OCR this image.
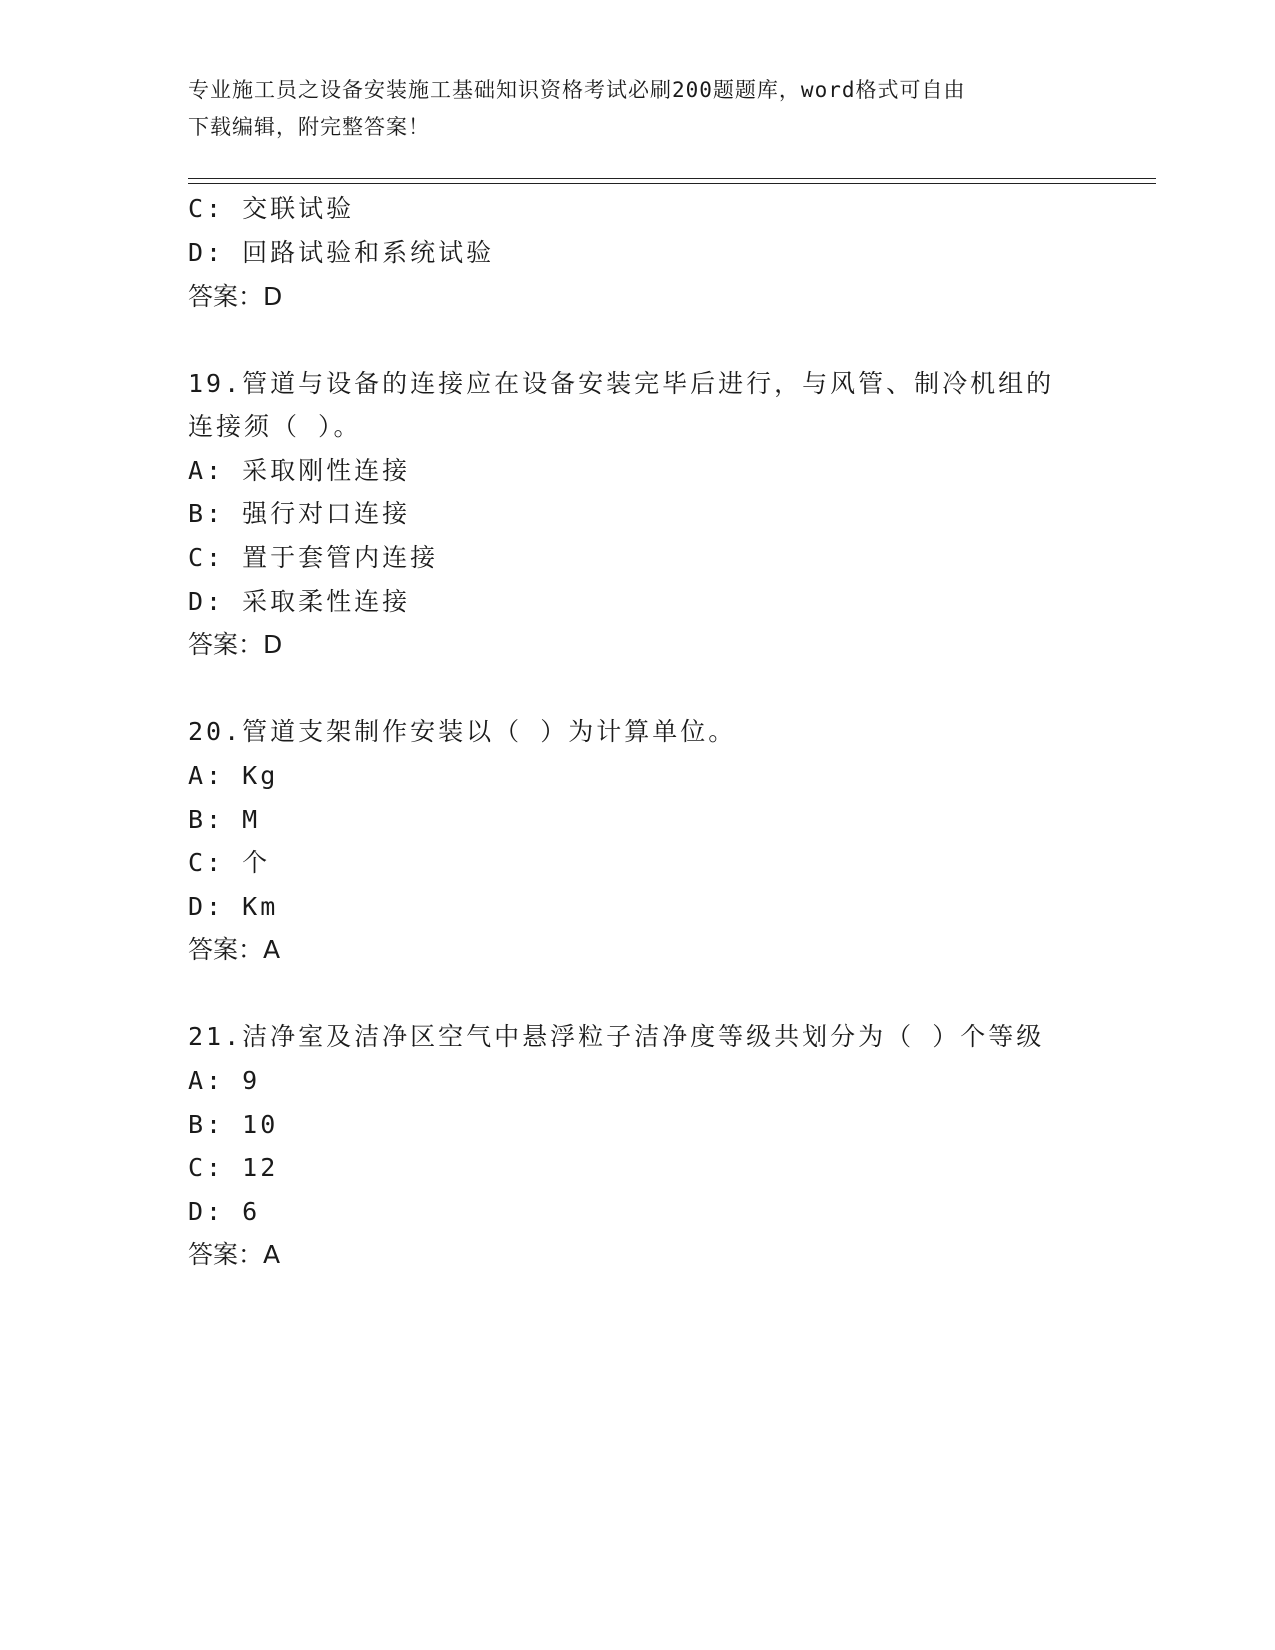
专业施工员之设备安装施工基础知识资格考试必刷200题题库，word格式可自由
下载编辑，附完整答案！
C: 交联试验
D: 回路试验和系统试验
答案：D
19.管道与设备的连接应在设备安装完毕后进行，与风管、制冷机组的
连接须（ ）。
A: 采取刚性连接
B: 强行对口连接
C: 置于套管内连接
D: 采取柔性连接
答案：D
20.管道支架制作安装以（ ）为计算单位。
A: Kg
B: M
C: 个
D: Km
答案：A
21.洁净室及洁净区空气中悬浮粒子洁净度等级共划分为（ ）个等级
A: 9
B: 10
C: 12
D: 6
答案：A
